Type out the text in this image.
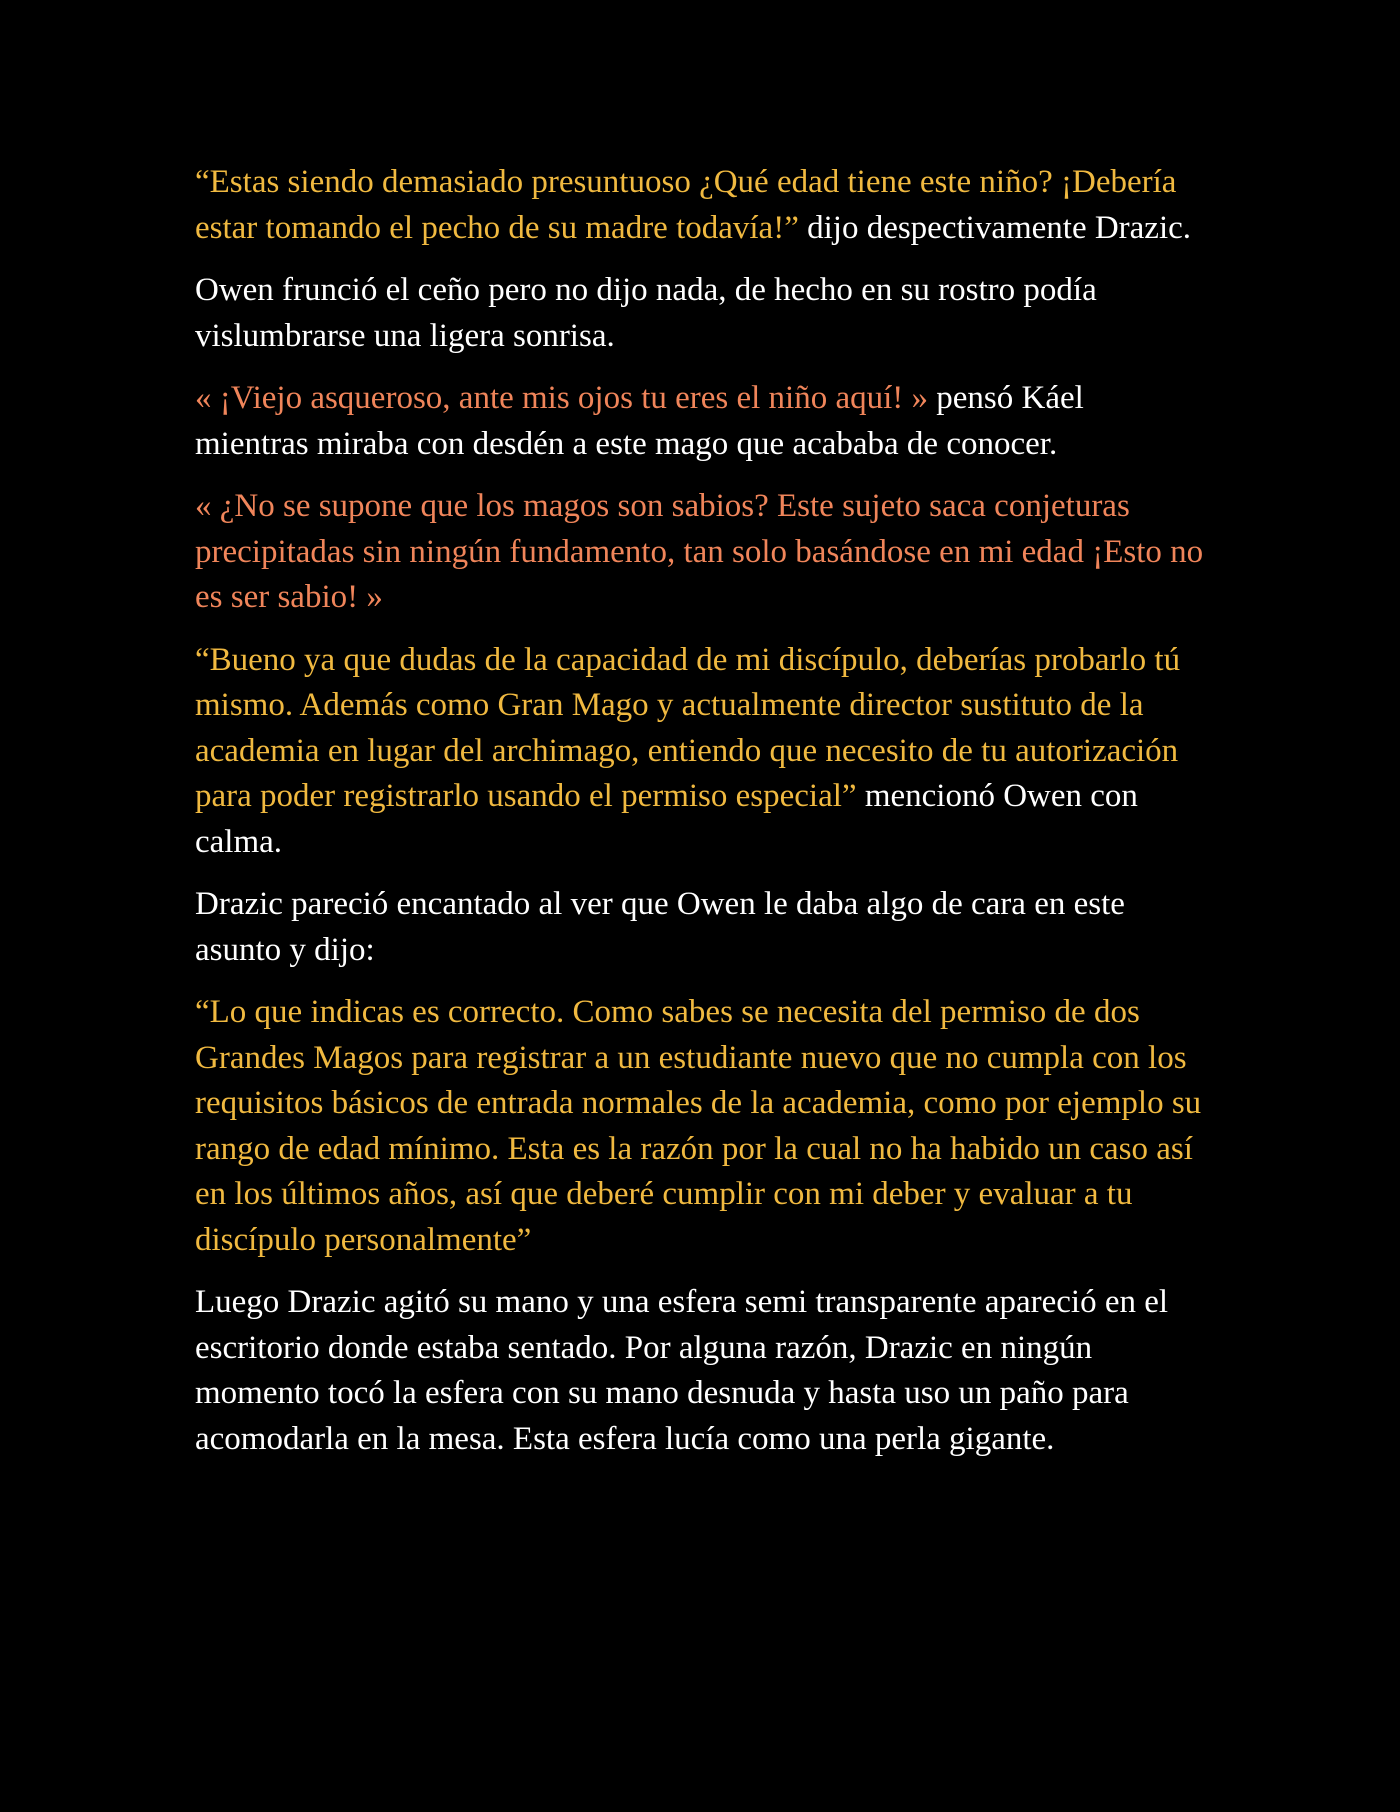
“Estas siendo demasiado presuntuoso ¿Qué edad tiene este niño? ¡Debería estar tomando el pecho de su madre todavía!” dijo despectivamente Drazic.

Owen frunció el ceño pero no dijo nada, de hecho en su rostro podía vislumbrarse una ligera sonrisa.

« ¡Viejo asqueroso, ante mis ojos tu eres el niño aquí! » pensó Káel mientras miraba con desdén a este mago que acababa de conocer.

« ¿No se supone que los magos son sabios? Este sujeto saca conjeturas precipitadas sin ningún fundamento, tan solo basándose en mi edad ¡Esto no es ser sabio! »

“Bueno ya que dudas de la capacidad de mi discípulo, deberías probarlo tú mismo. Además como Gran Mago y actualmente director sustituto de la academia en lugar del archimago, entiendo que necesito de tu autorización para poder registrarlo usando el permiso especial” mencionó Owen con calma.

Drazic pareció encantado al ver que Owen le daba algo de cara en este asunto y dijo:

“Lo que indicas es correcto. Como sabes se necesita del permiso de dos Grandes Magos para registrar a un estudiante nuevo que no cumpla con los requisitos básicos de entrada normales de la academia, como por ejemplo su rango de edad mínimo. Esta es la razón por la cual no ha habido un caso así en los últimos años, así que deberé cumplir con mi deber y evaluar a tu discípulo personalmente”

Luego Drazic agitó su mano y una esfera semi transparente apareció en el escritorio donde estaba sentado. Por alguna razón, Drazic en ningún momento tocó la esfera con su mano desnuda y hasta uso un paño para acomodarla en la mesa. Esta esfera lucía como una perla gigante.
